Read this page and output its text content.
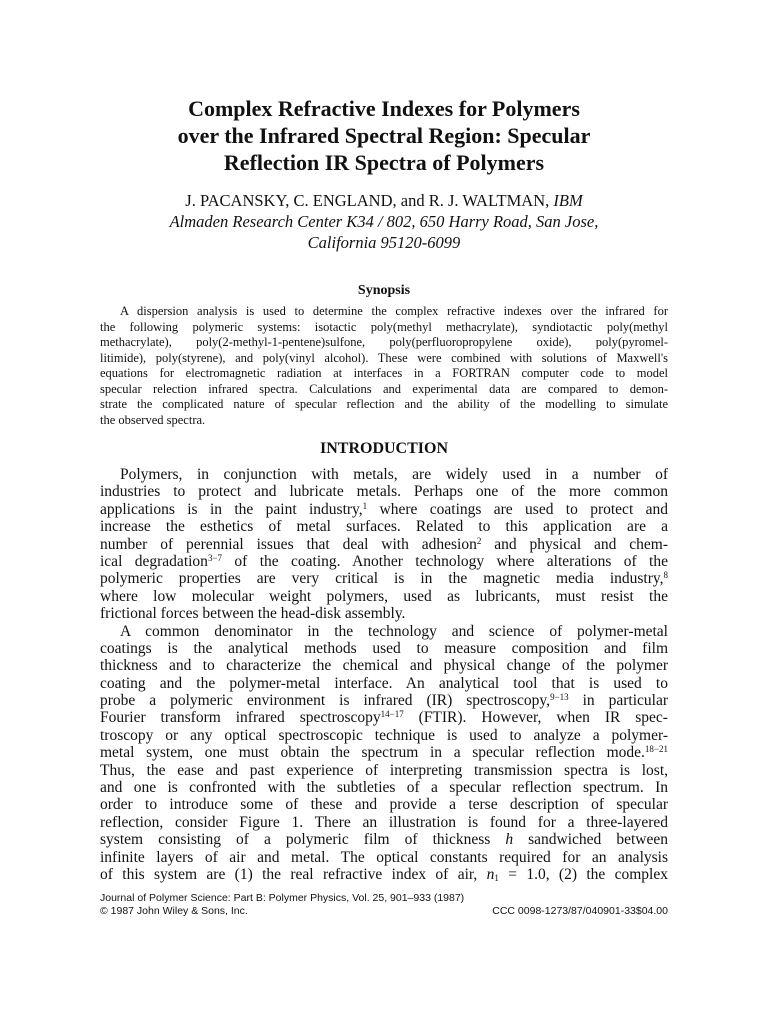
Complex Refractive Indexes for Polymers
over the Infrared Spectral Region: Specular
Reflection IR Spectra of Polymers
J. PACANSKY, C. ENGLAND, and R. J. WALTMAN, IBM
Almaden Research Center K34 / 802, 650 Harry Road, San Jose,
California 95120-6099
Synopsis
A dispersion analysis is used to determine the complex refractive indexes over the infrared for
the following polymeric systems: isotactic poly(methyl methacrylate), syndiotactic poly(methyl
methacrylate), poly(2-methyl-1-pentene)sulfone, poly(perfluoropropylene oxide), poly(pyromel-
litimide), poly(styrene), and poly(vinyl alcohol). These were combined with solutions of Maxwell's
equations for electromagnetic radiation at interfaces in a FORTRAN computer code to model
specular relection infrared spectra. Calculations and experimental data are compared to demon-
strate the complicated nature of specular reflection and the ability of the modelling to simulate
the observed spectra.
INTRODUCTION
Polymers, in conjunction with metals, are widely used in a number of
industries to protect and lubricate metals. Perhaps one of the more common
applications is in the paint industry,$^1$ where coatings are used to protect and
increase the esthetics of metal surfaces. Related to this application are a
number of perennial issues that deal with adhesion$^2$ and physical and chem-
ical degradation$^{3-7}$ of the coating. Another technology where alterations of the
polymeric properties are very critical is in the magnetic media industry,$^8$
where low molecular weight polymers, used as lubricants, must resist the
frictional forces between the head-disk assembly.
A common denominator in the technology and science of polymer-metal
coatings is the analytical methods used to measure composition and film
thickness and to characterize the chemical and physical change of the polymer
coating and the polymer-metal interface. An analytical tool that is used to
probe a polymeric environment is infrared (IR) spectroscopy,$^{9-13}$ in particular
Fourier transform infrared spectroscopy$^{14-17}$ (FTIR). However, when IR spec-
troscopy or any optical spectroscopic technique is used to analyze a polymer-
metal system, one must obtain the spectrum in a specular reflection mode.$^{18-21}$
Thus, the ease and past experience of interpreting transmission spectra is lost,
and one is confronted with the subtleties of a specular reflection spectrum. In
order to introduce some of these and provide a terse description of specular
reflection, consider Figure 1. There an illustration is found for a three-layered
system consisting of a polymeric film of thickness h sandwiched between
infinite layers of air and metal. The optical constants required for an analysis
of this system are (1) the real refractive index of air, $n_1 = 1.0$, (2) the complex
Journal of Polymer Science: Part B: Polymer Physics, Vol. 25, 901–933 (1987)
© 1987 John Wiley & Sons, Inc.	CCC 0098-1273/87/040901-33$04.00
